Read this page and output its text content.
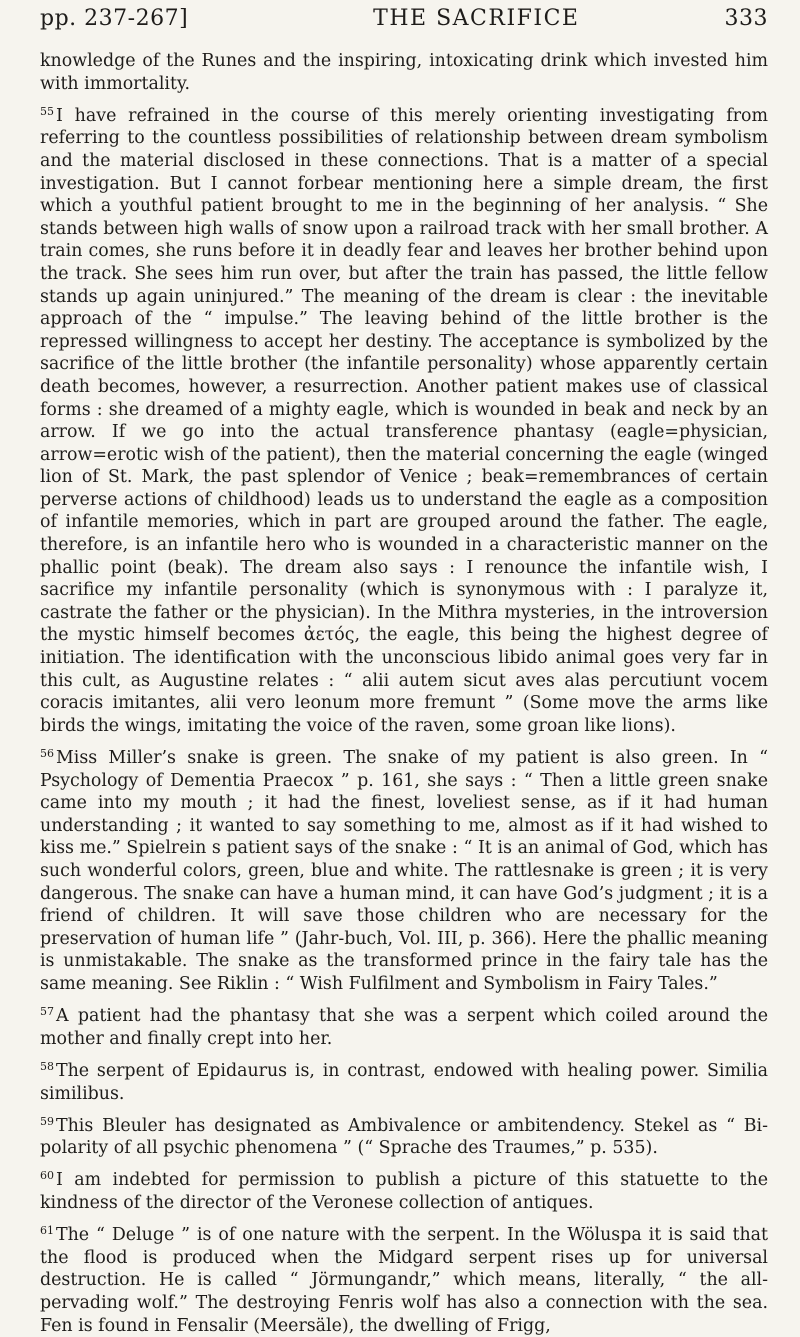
pp. 237-267]	THE SACRIFICE	333

knowledge of the Runes and the inspiring, intoxicating drink which invested him with immortality.

$^{55}$ I have refrained in the course of this merely orienting investigating from referring to the countless possibilities of relationship between dream symbolism and the material disclosed in these connections. That is a matter of a special investigation. But I cannot forbear mentioning here a simple dream, the first which a youthful patient brought to me in the beginning of her analysis. “ She stands between high walls of snow upon a railroad track with her small brother. A train comes, she runs before it in deadly fear and leaves her brother behind upon the track. She sees him run over, but after the train has passed, the little fellow stands up again uninjured.” The meaning of the dream is clear : the inevitable approach of the “ impulse.” The leaving behind of the little brother is the repressed willingness to accept her destiny. The acceptance is symbolized by the sacrifice of the little brother (the infantile personality) whose apparently certain death becomes, however, a resurrection. Another patient makes use of classical forms : she dreamed of a mighty eagle, which is wounded in beak and neck by an arrow. If we go into the actual transference phantasy (eagle=physician, arrow=erotic wish of the patient), then the material concerning the eagle (winged lion of St. Mark, the past splendor of Venice ; beak=remembrances of certain perverse actions of childhood) leads us to understand the eagle as a composition of infantile memories, which in part are grouped around the father. The eagle, therefore, is an infantile hero who is wounded in a characteristic manner on the phallic point (beak). The dream also says : I renounce the infantile wish, I sacrifice my infantile personality (which is synonymous with : I paralyze it, castrate the father or the physician). In the Mithra mysteries, in the introversion the mystic himself becomes ἀετός, the eagle, this being the highest degree of initiation. The identification with the unconscious libido animal goes very far in this cult, as Augustine relates : “ alii autem sicut aves alas percutiunt vocem coracis imitantes, alii vero leonum more fremunt ” (Some move the arms like birds the wings, imitating the voice of the raven, some groan like lions).

$^{56}$ Miss Miller’s snake is green. The snake of my patient is also green. In “ Psychology of Dementia Praecox ” p. 161, she says : “ Then a little green snake came into my mouth ; it had the finest, loveliest sense, as if it had human understanding ; it wanted to say something to me, almost as if it had wished to kiss me.” Spielrein s patient says of the snake : “ It is an animal of God, which has such wonderful colors, green, blue and white. The rattlesnake is green ; it is very dangerous. The snake can have a human mind, it can have God’s judgment ; it is a friend of children. It will save those children who are necessary for the preservation of human life ” (Jahr-buch, Vol. III, p. 366). Here the phallic meaning is unmistakable. The snake as the transformed prince in the fairy tale has the same meaning. See Riklin : “ Wish Fulfilment and Symbolism in Fairy Tales.”

$^{57}$ A patient had the phantasy that she was a serpent which coiled around the mother and finally crept into her.

$^{58}$ The serpent of Epidaurus is, in contrast, endowed with healing power. Similia similibus.

$^{59}$ This Bleuler has designated as Ambivalence or ambitendency. Stekel as “ Bi-polarity of all psychic phenomena ” (“ Sprache des Traumes,” p. 535).

$^{60}$ I am indebted for permission to publish a picture of this statuette to the kindness of the director of the Veronese collection of antiques.

$^{61}$ The “ Deluge ” is of one nature with the serpent. In the Wöluspa it is said that the flood is produced when the Midgard serpent rises up for universal destruction. He is called “ Jörmungandr,” which means, literally, “ the all-pervading wolf.” The destroying Fenris wolf has also a connection with the sea. Fen is found in Fensalir (Meersäle), the dwelling of Frigg,
